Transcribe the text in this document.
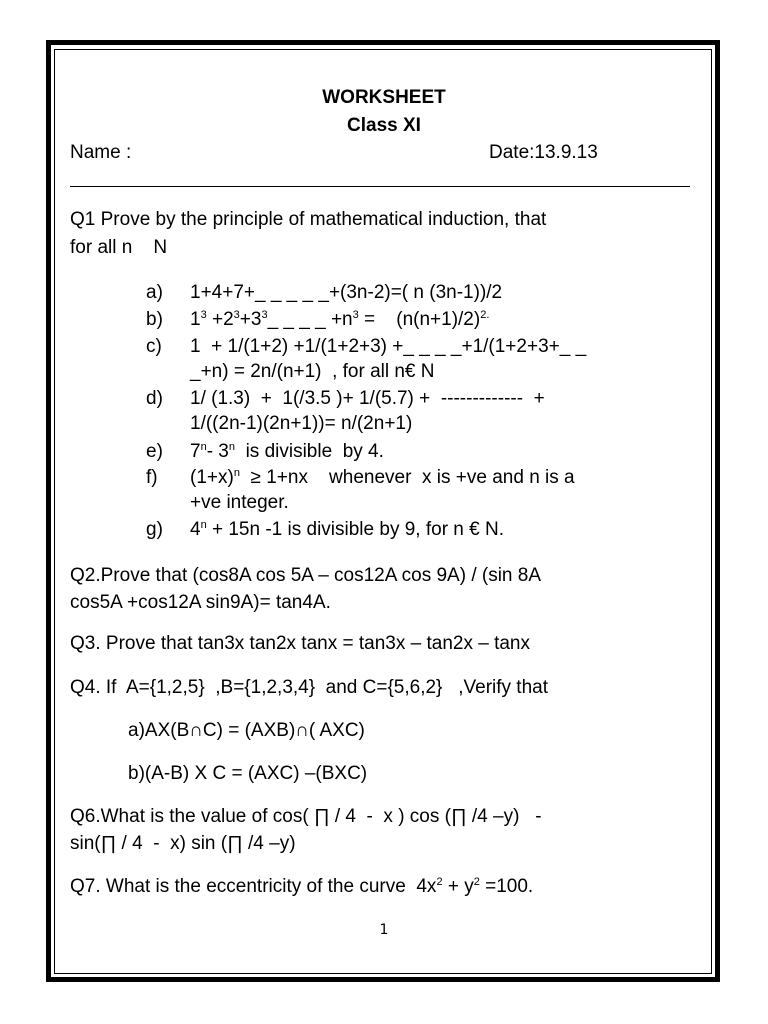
WORKSHEET
Class XI
Name :	Date:13.9.13
Q1 Prove by the principle of mathematical induction, that
for all n    N
a) 1+4+7+_ _ _ _ _+(3n-2)=( n (3n-1))/2
b) $1^3$ $+2^3+3^3\_$ _ _ _ $+n^3$ =    $(n(n+1)/2)^{2.}$
c) 1  + 1/(1+2) +1/(1+2+3) +_ _ _ _+1/(1+2+3+_ _
_+n) = 2n/(n+1)  , for all n€ N
d) 1/ (1.3)  +  1(/3.5 )+ 1/(5.7) +  -------------  +
1/((2n-1)(2n+1))= n/(2n+1)
e) 7$^n$- 3$^n$  is divisible  by 4.
f) $(1+x)^n \ge 1+nx$    whenever  x is +ve and n is a
+ve integer.
g) $4^n + 15n$ -1 is divisible by 9, for n € N.
Q2.Prove that (cos8A cos 5A – cos12A cos 9A) / (sin 8A
cos5A +cos12A sin9A)= tan4A.
Q3. Prove that tan3x tan2x tanx = tan3x – tan2x – tanx
Q4. If  A={1,2,5}  ,B={1,2,3,4}  and C={5,6,2}   ,Verify that
a)AX(B∩C) = (AXB)∩( AXC)
b)(A-B) X C = (AXC) –(BXC)
Q6.What is the value of cos( ∏ / 4  -  x ) cos (∏ /4 –y)   -
sin(∏ / 4  -  x) sin (∏ /4 –y)
Q7. What is the eccentricity of the curve  $4x^2 + y^2 =100$.
1
